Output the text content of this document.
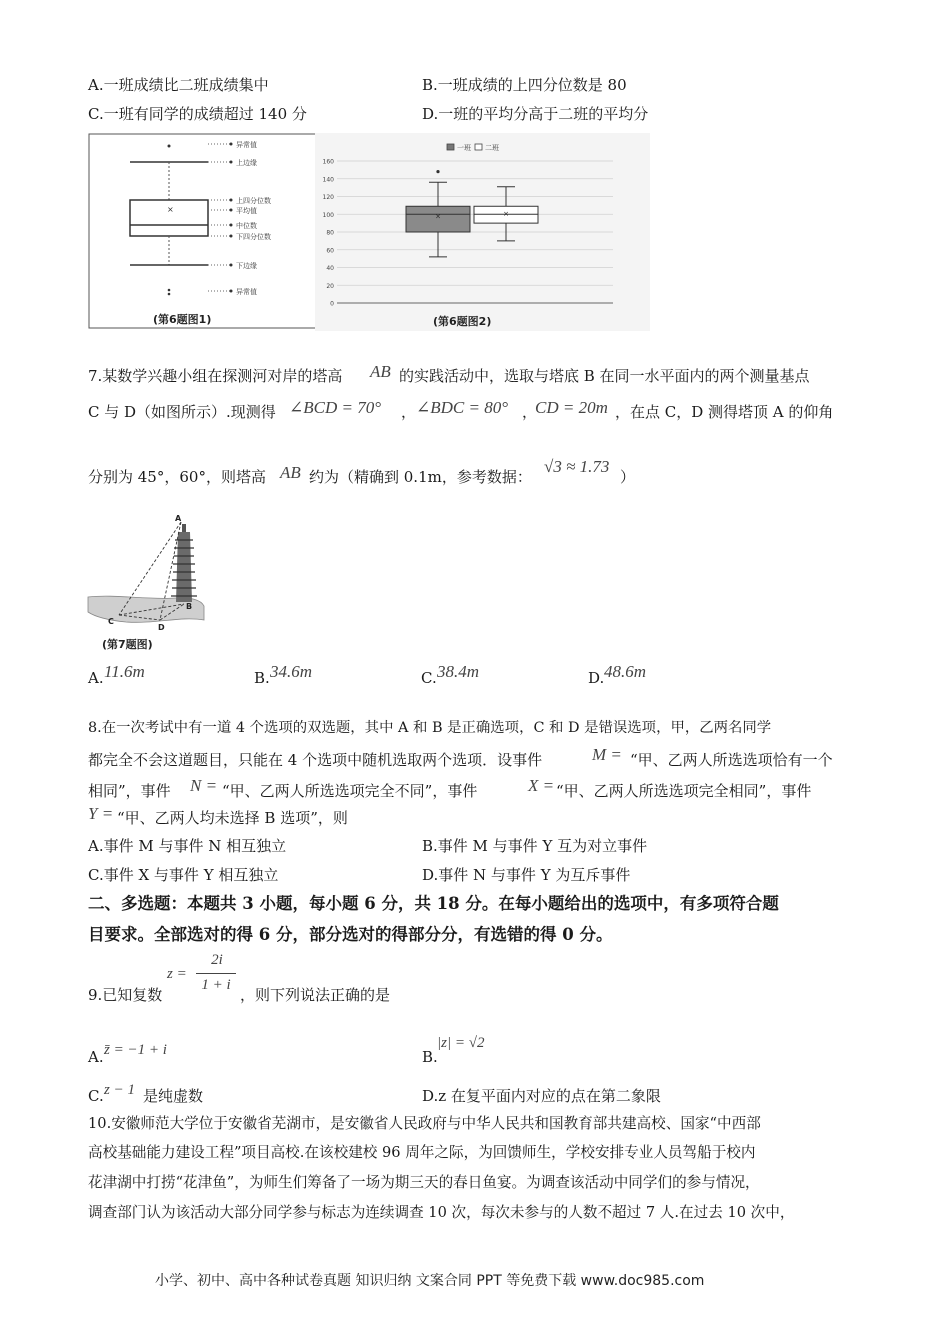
A.一班成绩比二班成绩集中	B.一班成绩的上四分位数是 80
C.一班有同学的成绩超过 140 分	D.一班的平均分高于二班的平均分
×
异常值
上边缘
上四分位数
平均值
中位数
下四分位数
下边缘
异常值
(第6题图1)
0
20
40
60
80
100
120
140
160
×	×
一班 二班
(第6题图2)
7.某数学兴趣小组在探测河对岸的塔高 AB 的实践活动中，选取与塔底 B 在同一水平面内的两个测量基点
C 与 D（如图所示）.现测得 ∠BCD = 70° ， ∠BDC = 80° ，
CD = 20m ，在点 C，D 测得塔顶 A 的仰角
分别为 45°，60°，则塔高 AB 约为（精确到 0.1m，参考数据：
√3 ≈ 1.73
）
A
B
C
D
(第7题图)
A. 11.6m	B. 34.6m	C. 38.4m	D. 48.6m
8.在一次考试中有一道 4 个选项的双选题，其中 A 和 B 是正确选项，C 和 D 是错误选项，甲，乙两名同学
都完全不会这道题目，只能在 4 个选项中随机选取两个选项．设事件	M = “甲、乙两人所选选项恰有一个
相同”，事件 N = “甲、乙两人所选选项完全不同”，事件	X = “甲、乙两人所选选项完全相同”，事件
Y = “甲、乙两人均未选择 B 选项”，则
A.事件 M 与事件 N 相互独立	B.事件 M 与事件 Y 互为对立事件
C.事件 X 与事件 Y 相互独立	D.事件 N 与事件 Y 为互斥事件
二、多选题：本题共 3 小题，每小题 6 分，共 18 分。在每小题给出的选项中，有多项符合题
目要求。全部选对的得 6 分，部分选对的得部分分，有选错的得 0 分。
z =
2i
1 + i
9.已知复数	，则下列说法正确的是
A. z̄ = −1 + i	B.
|z| = √2
C. z − 1 是纯虚数	D.z 在复平面内对应的点在第二象限
10.安徽师范大学位于安徽省芜湖市，是安徽省人民政府与中华人民共和国教育部共建高校、国家“中西部
高校基础能力建设工程”项目高校.在该校建校 96 周年之际，为回馈师生，学校安排专业人员驾船于校内
花津湖中打捞“花津鱼”，为师生们筹备了一场为期三天的春日鱼宴。为调查该活动中同学们的参与情况，
调查部门认为该活动大部分同学参与标志为连续调查 10 次，每次未参与的人数不超过 7 人.在过去 10 次中，
小学、初中、高中各种试卷真题 知识归纳 文案合同 PPT 等免费下载 www.doc985.com
